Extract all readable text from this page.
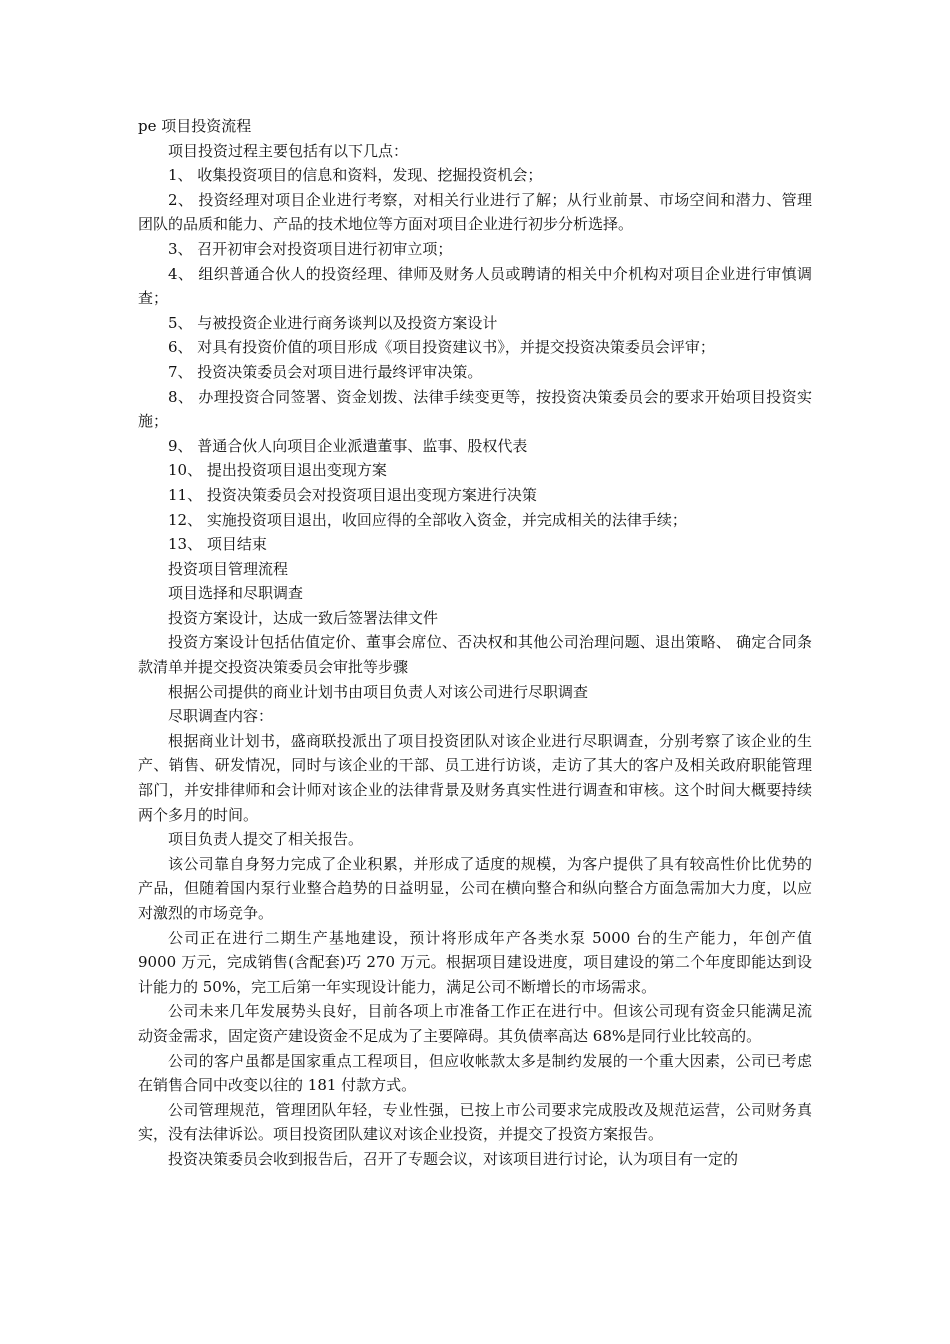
pe 项目投资流程

项目投资过程主要包括有以下几点：

1、 收集投资项目的信息和资料，发现、挖掘投资机会；

2、 投资经理对项目企业进行考察，对相关行业进行了解；从行业前景、市场空间和潜力、管理团队的品质和能力、产品的技术地位等方面对项目企业进行初步分析选择。

3、 召开初审会对投资项目进行初审立项；

4、 组织普通合伙人的投资经理、律师及财务人员或聘请的相关中介机构对项目企业进行审慎调查；

5、 与被投资企业进行商务谈判以及投资方案设计

6、 对具有投资价值的项目形成《项目投资建议书》，并提交投资决策委员会评审；

7、 投资决策委员会对项目进行最终评审决策。

8、 办理投资合同签署、资金划拨、法律手续变更等，按投资决策委员会的要求开始项目投资实施；

9、 普通合伙人向项目企业派遣董事、监事、股权代表

10、 提出投资项目退出变现方案

11、 投资决策委员会对投资项目退出变现方案进行决策

12、 实施投资项目退出，收回应得的全部收入资金，并完成相关的法律手续；

13、 项目结束

投资项目管理流程

项目选择和尽职调查

投资方案设计，达成一致后签署法律文件

投资方案设计包括估值定价、董事会席位、否决权和其他公司治理问题、退出策略、 确定合同条款清单并提交投资决策委员会审批等步骤

根据公司提供的商业计划书由项目负责人对该公司进行尽职调查

尽职调查内容：

根据商业计划书，盛商联投派出了项目投资团队对该企业进行尽职调查，分别考察了该企业的生产、销售、研发情况，同时与该企业的干部、员工进行访谈，走访了其大的客户及相关政府职能管理部门，并安排律师和会计师对该企业的法律背景及财务真实性进行调查和审核。这个时间大概要持续两个多月的时间。

项目负责人提交了相关报告。

该公司靠自身努力完成了企业积累，并形成了适度的规模，为客户提供了具有较高性价比优势的产品，但随着国内泵行业整合趋势的日益明显，公司在横向整合和纵向整合方面急需加大力度，以应对激烈的市场竞争。

公司正在进行二期生产基地建设，预计将形成年产各类水泵 5000 台的生产能力，年创产值 9000 万元，完成销售(含配套)巧 270 万元。根据项目建设进度，项目建设的第二个年度即能达到设计能力的 50%，完工后第一年实现设计能力，满足公司不断增长的市场需求。

公司未来几年发展势头良好，目前各项上市准备工作正在进行中。但该公司现有资金只能满足流动资金需求，固定资产建设资金不足成为了主要障碍。其负债率高达 68%是同行业比较高的。

公司的客户虽都是国家重点工程项目，但应收帐款太多是制约发展的一个重大因素，公司已考虑在销售合同中改变以往的 181 付款方式。

公司管理规范，管理团队年轻，专业性强，已按上市公司要求完成股改及规范运营，公司财务真实，没有法律诉讼。项目投资团队建议对该企业投资，并提交了投资方案报告。

投资决策委员会收到报告后，召开了专题会议，对该项目进行讨论，认为项目有一定的
